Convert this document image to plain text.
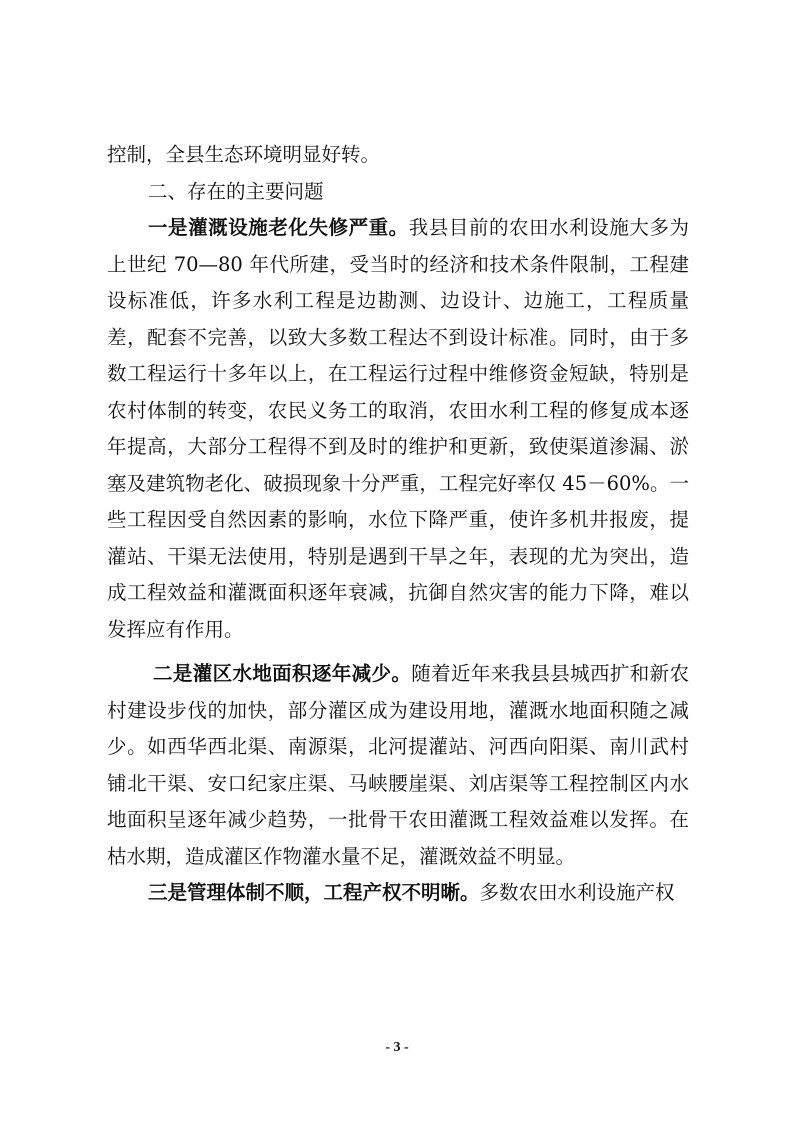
控制，全县生态环境明显好转。

二、存在的主要问题

一是灌溉设施老化失修严重。我县目前的农田水利设施大多为上世纪 70—80 年代所建，受当时的经济和技术条件限制，工程建设标准低，许多水利工程是边勘测、边设计、边施工，工程质量差，配套不完善，以致大多数工程达不到设计标准。同时，由于多数工程运行十多年以上，在工程运行过程中维修资金短缺，特别是农村体制的转变，农民义务工的取消，农田水利工程的修复成本逐年提高，大部分工程得不到及时的维护和更新，致使渠道渗漏、淤塞及建筑物老化、破损现象十分严重，工程完好率仅 45－60%。一些工程因受自然因素的影响，水位下降严重，使许多机井报废，提灌站、干渠无法使用，特别是遇到干旱之年，表现的尤为突出，造成工程效益和灌溉面积逐年衰减，抗御自然灾害的能力下降，难以发挥应有作用。

二是灌区水地面积逐年减少。随着近年来我县县城西扩和新农村建设步伐的加快，部分灌区成为建设用地，灌溉水地面积随之减少。如西华西北渠、南源渠，北河提灌站、河西向阳渠、南川武村铺北干渠、安口纪家庄渠、马峡腰崖渠、刘店渠等工程控制区内水地面积呈逐年减少趋势，一批骨干农田灌溉工程效益难以发挥。在枯水期，造成灌区作物灌水量不足，灌溉效益不明显。

三是管理体制不顺，工程产权不明晰。多数农田水利设施产权

- 3 -
